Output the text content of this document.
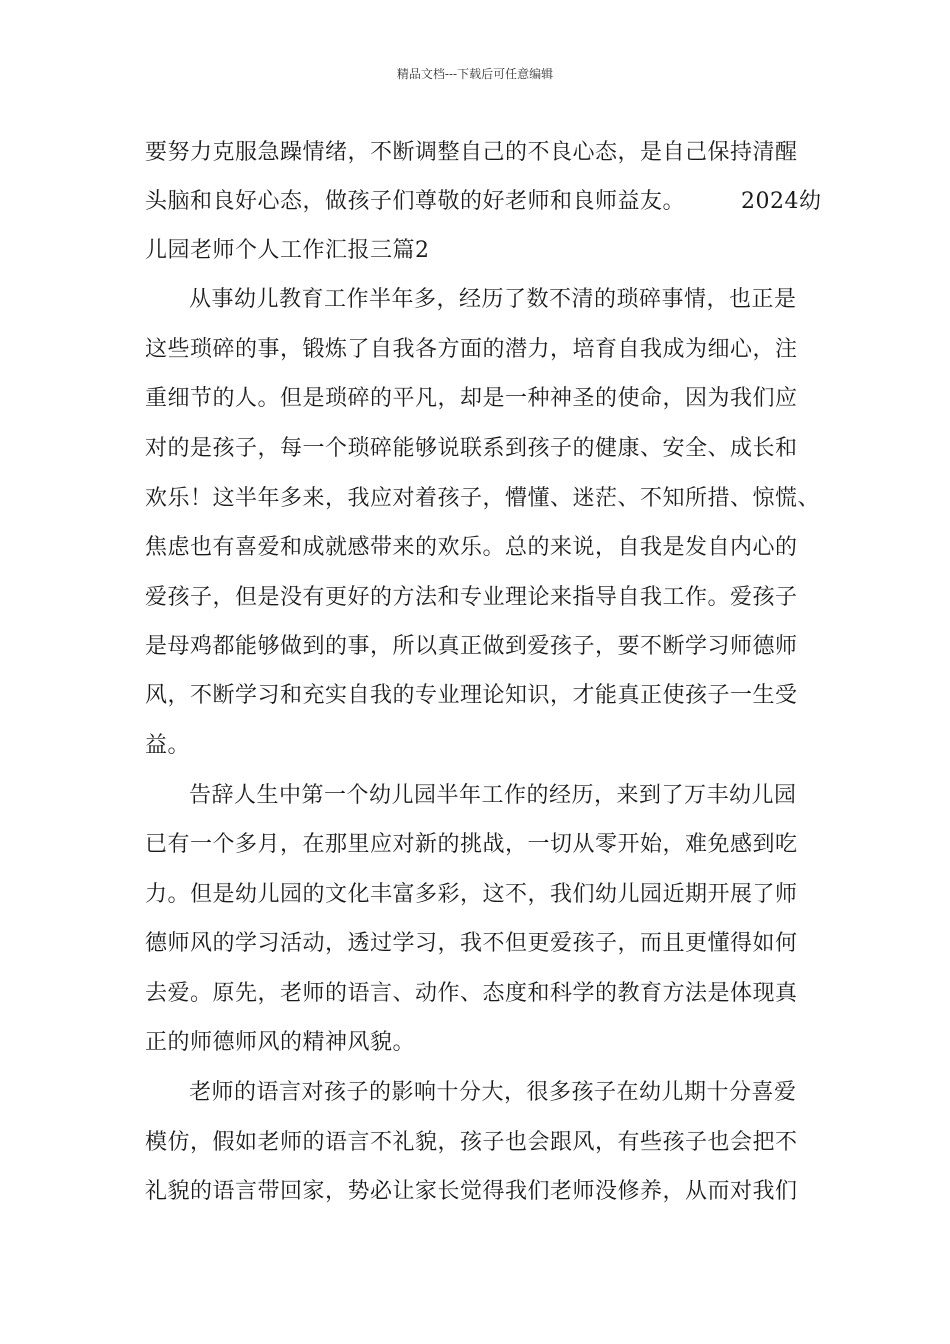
精品文档---下载后可任意编辑
要努力克服急躁情绪，不断调整自己的不良心态，是自己保持清醒
头脑和良好心态，做孩子们尊敬的好老师和良师益友。	2024幼
儿园老师个人工作汇报三篇2
从事幼儿教育工作半年多，经历了数不清的琐碎事情，也正是
这些琐碎的事，锻炼了自我各方面的潜力，培育自我成为细心，注
重细节的人。但是琐碎的平凡，却是一种神圣的使命，因为我们应
对的是孩子，每一个琐碎能够说联系到孩子的健康、安全、成长和
欢乐！这半年多来，我应对着孩子，懵懂、迷茫、不知所措、惊慌、
焦虑也有喜爱和成就感带来的欢乐。总的来说，自我是发自内心的
爱孩子，但是没有更好的方法和专业理论来指导自我工作。爱孩子
是母鸡都能够做到的事，所以真正做到爱孩子，要不断学习师德师
风，不断学习和充实自我的专业理论知识，才能真正使孩子一生受
益。
告辞人生中第一个幼儿园半年工作的经历，来到了万丰幼儿园
已有一个多月，在那里应对新的挑战，一切从零开始，难免感到吃
力。但是幼儿园的文化丰富多彩，这不，我们幼儿园近期开展了师
德师风的学习活动，透过学习，我不但更爱孩子，而且更懂得如何
去爱。原先，老师的语言、动作、态度和科学的教育方法是体现真
正的师德师风的精神风貌。
老师的语言对孩子的影响十分大，很多孩子在幼儿期十分喜爱
模仿，假如老师的语言不礼貌，孩子也会跟风，有些孩子也会把不
礼貌的语言带回家，势必让家长觉得我们老师没修养，从而对我们
